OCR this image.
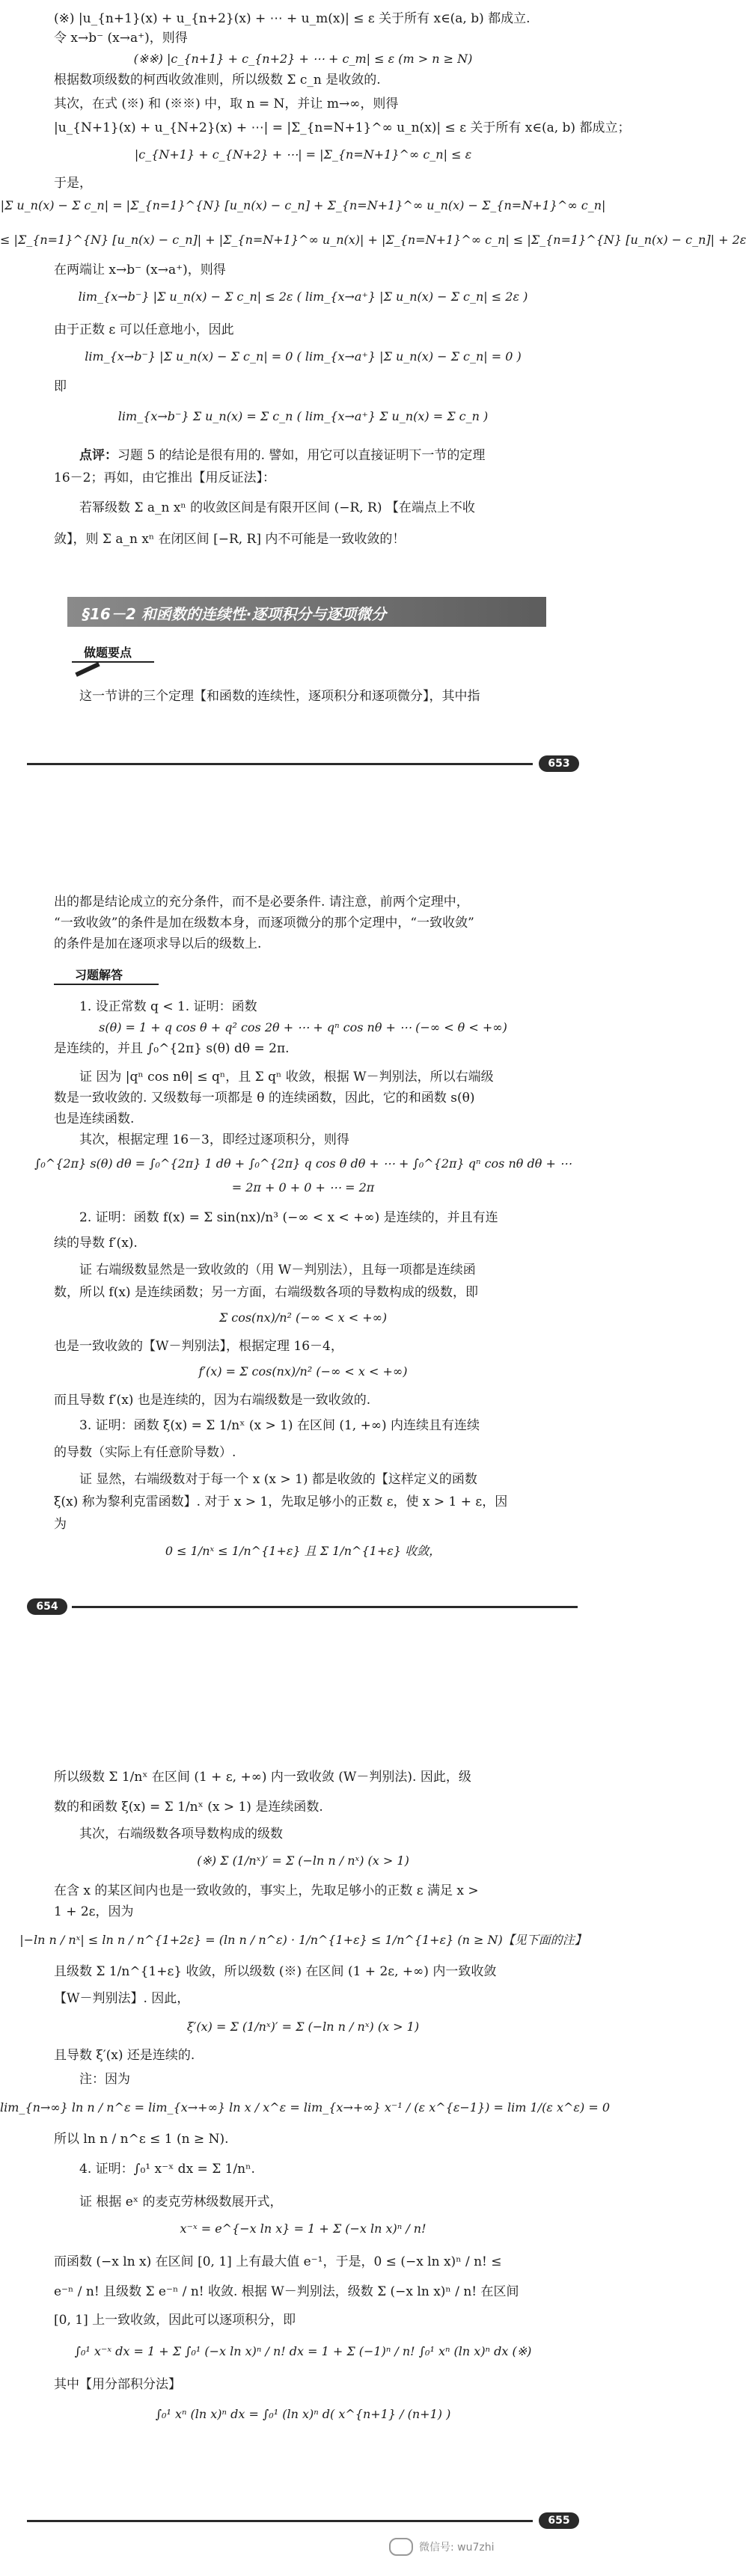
(※) |u_{n+1}(x) + u_{n+2}(x) + ⋯ + u_m(x)| ≤ ε 关于所有 x∈(a, b) 都成立.
令 x→b⁻ (x→a⁺)，则得
(※※) |c_{n+1} + c_{n+2} + ⋯ + c_m| ≤ ε (m > n ≥ N)
根据数项级数的柯西收敛准则，所以级数 Σ c_n 是收敛的.
其次，在式 (※) 和 (※※) 中，取 n = N，并让 m→∞，则得
|u_{N+1}(x) + u_{N+2}(x) + ⋯| = |Σ_{n=N+1}^∞ u_n(x)| ≤ ε 关于所有 x∈(a, b) 都成立；
|c_{N+1} + c_{N+2} + ⋯| = |Σ_{n=N+1}^∞ c_n| ≤ ε
于是，
|Σ u_n(x) − Σ c_n| = |Σ_{n=1}^{N} [u_n(x) − c_n] + Σ_{n=N+1}^∞ u_n(x) − Σ_{n=N+1}^∞ c_n|
≤ |Σ_{n=1}^{N} [u_n(x) − c_n]| + |Σ_{n=N+1}^∞ u_n(x)| + |Σ_{n=N+1}^∞ c_n| ≤ |Σ_{n=1}^{N} [u_n(x) − c_n]| + 2ε
在两端让 x→b⁻ (x→a⁺)，则得
lim_{x→b⁻} |Σ u_n(x) − Σ c_n| ≤ 2ε ( lim_{x→a⁺} |Σ u_n(x) − Σ c_n| ≤ 2ε )
由于正数 ε 可以任意地小，因此
lim_{x→b⁻} |Σ u_n(x) − Σ c_n| = 0 ( lim_{x→a⁺} |Σ u_n(x) − Σ c_n| = 0 )
即
lim_{x→b⁻} Σ u_n(x) = Σ c_n ( lim_{x→a⁺} Σ u_n(x) = Σ c_n )
点评：习题 5 的结论是很有用的. 譬如，用它可以直接证明下一节的定理
16－2；再如，由它推出【用反证法】：
若幂级数 Σ a_n xⁿ 的收敛区间是有限开区间 (−R, R) 【在端点上不收
敛】，则 Σ a_n xⁿ 在闭区间 [−R, R] 内不可能是一致收敛的！
§16－2 和函数的连续性·逐项积分与逐项微分
做题要点
这一节讲的三个定理【和函数的连续性，逐项积分和逐项微分】，其中指
653
出的都是结论成立的充分条件，而不是必要条件. 请注意，前两个定理中，
“一致收敛”的条件是加在级数本身，而逐项微分的那个定理中，“一致收敛”
的条件是加在逐项求导以后的级数上.
习题解答
1. 设正常数 q < 1. 证明：函数
s(θ) = 1 + q cos θ + q² cos 2θ + ⋯ + qⁿ cos nθ + ⋯ (−∞ < θ < +∞)
是连续的，并且 ∫₀^{2π} s(θ) dθ = 2π.
证 因为 |qⁿ cos nθ| ≤ qⁿ，且 Σ qⁿ 收敛，根据 W－判别法，所以右端级
数是一致收敛的. 又级数每一项都是 θ 的连续函数，因此，它的和函数 s(θ)
也是连续函数.
其次，根据定理 16－3，即经过逐项积分，则得
∫₀^{2π} s(θ) dθ = ∫₀^{2π} 1 dθ + ∫₀^{2π} q cos θ dθ + ⋯ + ∫₀^{2π} qⁿ cos nθ dθ + ⋯
= 2π + 0 + 0 + ⋯ = 2π
2. 证明：函数 f(x) = Σ sin(nx)/n³ (−∞ < x < +∞) 是连续的，并且有连
续的导数 f′(x).
证 右端级数显然是一致收敛的（用 W－判别法），且每一项都是连续函
数，所以 f(x) 是连续函数；另一方面，右端级数各项的导数构成的级数，即
Σ cos(nx)/n² (−∞ < x < +∞)
也是一致收敛的【W－判别法】，根据定理 16－4，
f′(x) = Σ cos(nx)/n² (−∞ < x < +∞)
而且导数 f′(x) 也是连续的，因为右端级数是一致收敛的.
3. 证明：函数 ξ(x) = Σ 1/nˣ (x > 1) 在区间 (1, +∞) 内连续且有连续
的导数（实际上有任意阶导数）.
证 显然，右端级数对于每一个 x (x > 1) 都是收敛的【这样定义的函数
ξ(x) 称为黎利克雷函数】. 对于 x > 1，先取足够小的正数 ε，使 x > 1 + ε，因
为
0 ≤ 1/nˣ ≤ 1/n^{1+ε} 且 Σ 1/n^{1+ε} 收敛，
654
所以级数 Σ 1/nˣ 在区间 (1 + ε, +∞) 内一致收敛 (W－判别法). 因此，级
数的和函数 ξ(x) = Σ 1/nˣ (x > 1) 是连续函数.
其次，右端级数各项导数构成的级数
(※) Σ (1/nˣ)′ = Σ (−ln n / nˣ) (x > 1)
在含 x 的某区间内也是一致收敛的，事实上，先取足够小的正数 ε 满足 x >
1 + 2ε，因为
|−ln n / nˣ| ≤ ln n / n^{1+2ε} = (ln n / n^ε) · 1/n^{1+ε} ≤ 1/n^{1+ε} (n ≥ N)【见下面的注】
且级数 Σ 1/n^{1+ε} 收敛，所以级数 (※) 在区间 (1 + 2ε, +∞) 内一致收敛
【W－判别法】. 因此，
ξ′(x) = Σ (1/nˣ)′ = Σ (−ln n / nˣ) (x > 1)
且导数 ξ′(x) 还是连续的.
注：因为
lim_{n→∞} ln n / n^ε = lim_{x→+∞} ln x / x^ε = lim_{x→+∞} x⁻¹ / (ε x^{ε−1}) = lim 1/(ε x^ε) = 0
所以 ln n / n^ε ≤ 1 (n ≥ N).
4. 证明：∫₀¹ x⁻ˣ dx = Σ 1/nⁿ.
证 根据 eˣ 的麦克劳林级数展开式，
x⁻ˣ = e^{−x ln x} = 1 + Σ (−x ln x)ⁿ / n!
而函数 (−x ln x) 在区间 [0, 1] 上有最大值 e⁻¹，于是，0 ≤ (−x ln x)ⁿ / n! ≤
e⁻ⁿ / n! 且级数 Σ e⁻ⁿ / n! 收敛. 根据 W－判别法，级数 Σ (−x ln x)ⁿ / n! 在区间
[0, 1] 上一致收敛，因此可以逐项积分，即
∫₀¹ x⁻ˣ dx = 1 + Σ ∫₀¹ (−x ln x)ⁿ / n! dx = 1 + Σ (−1)ⁿ / n! ∫₀¹ xⁿ (ln x)ⁿ dx (※)
其中【用分部积分法】
∫₀¹ xⁿ (ln x)ⁿ dx = ∫₀¹ (ln x)ⁿ d( x^{n+1} / (n+1) )
655
微信号: wu7zhi
